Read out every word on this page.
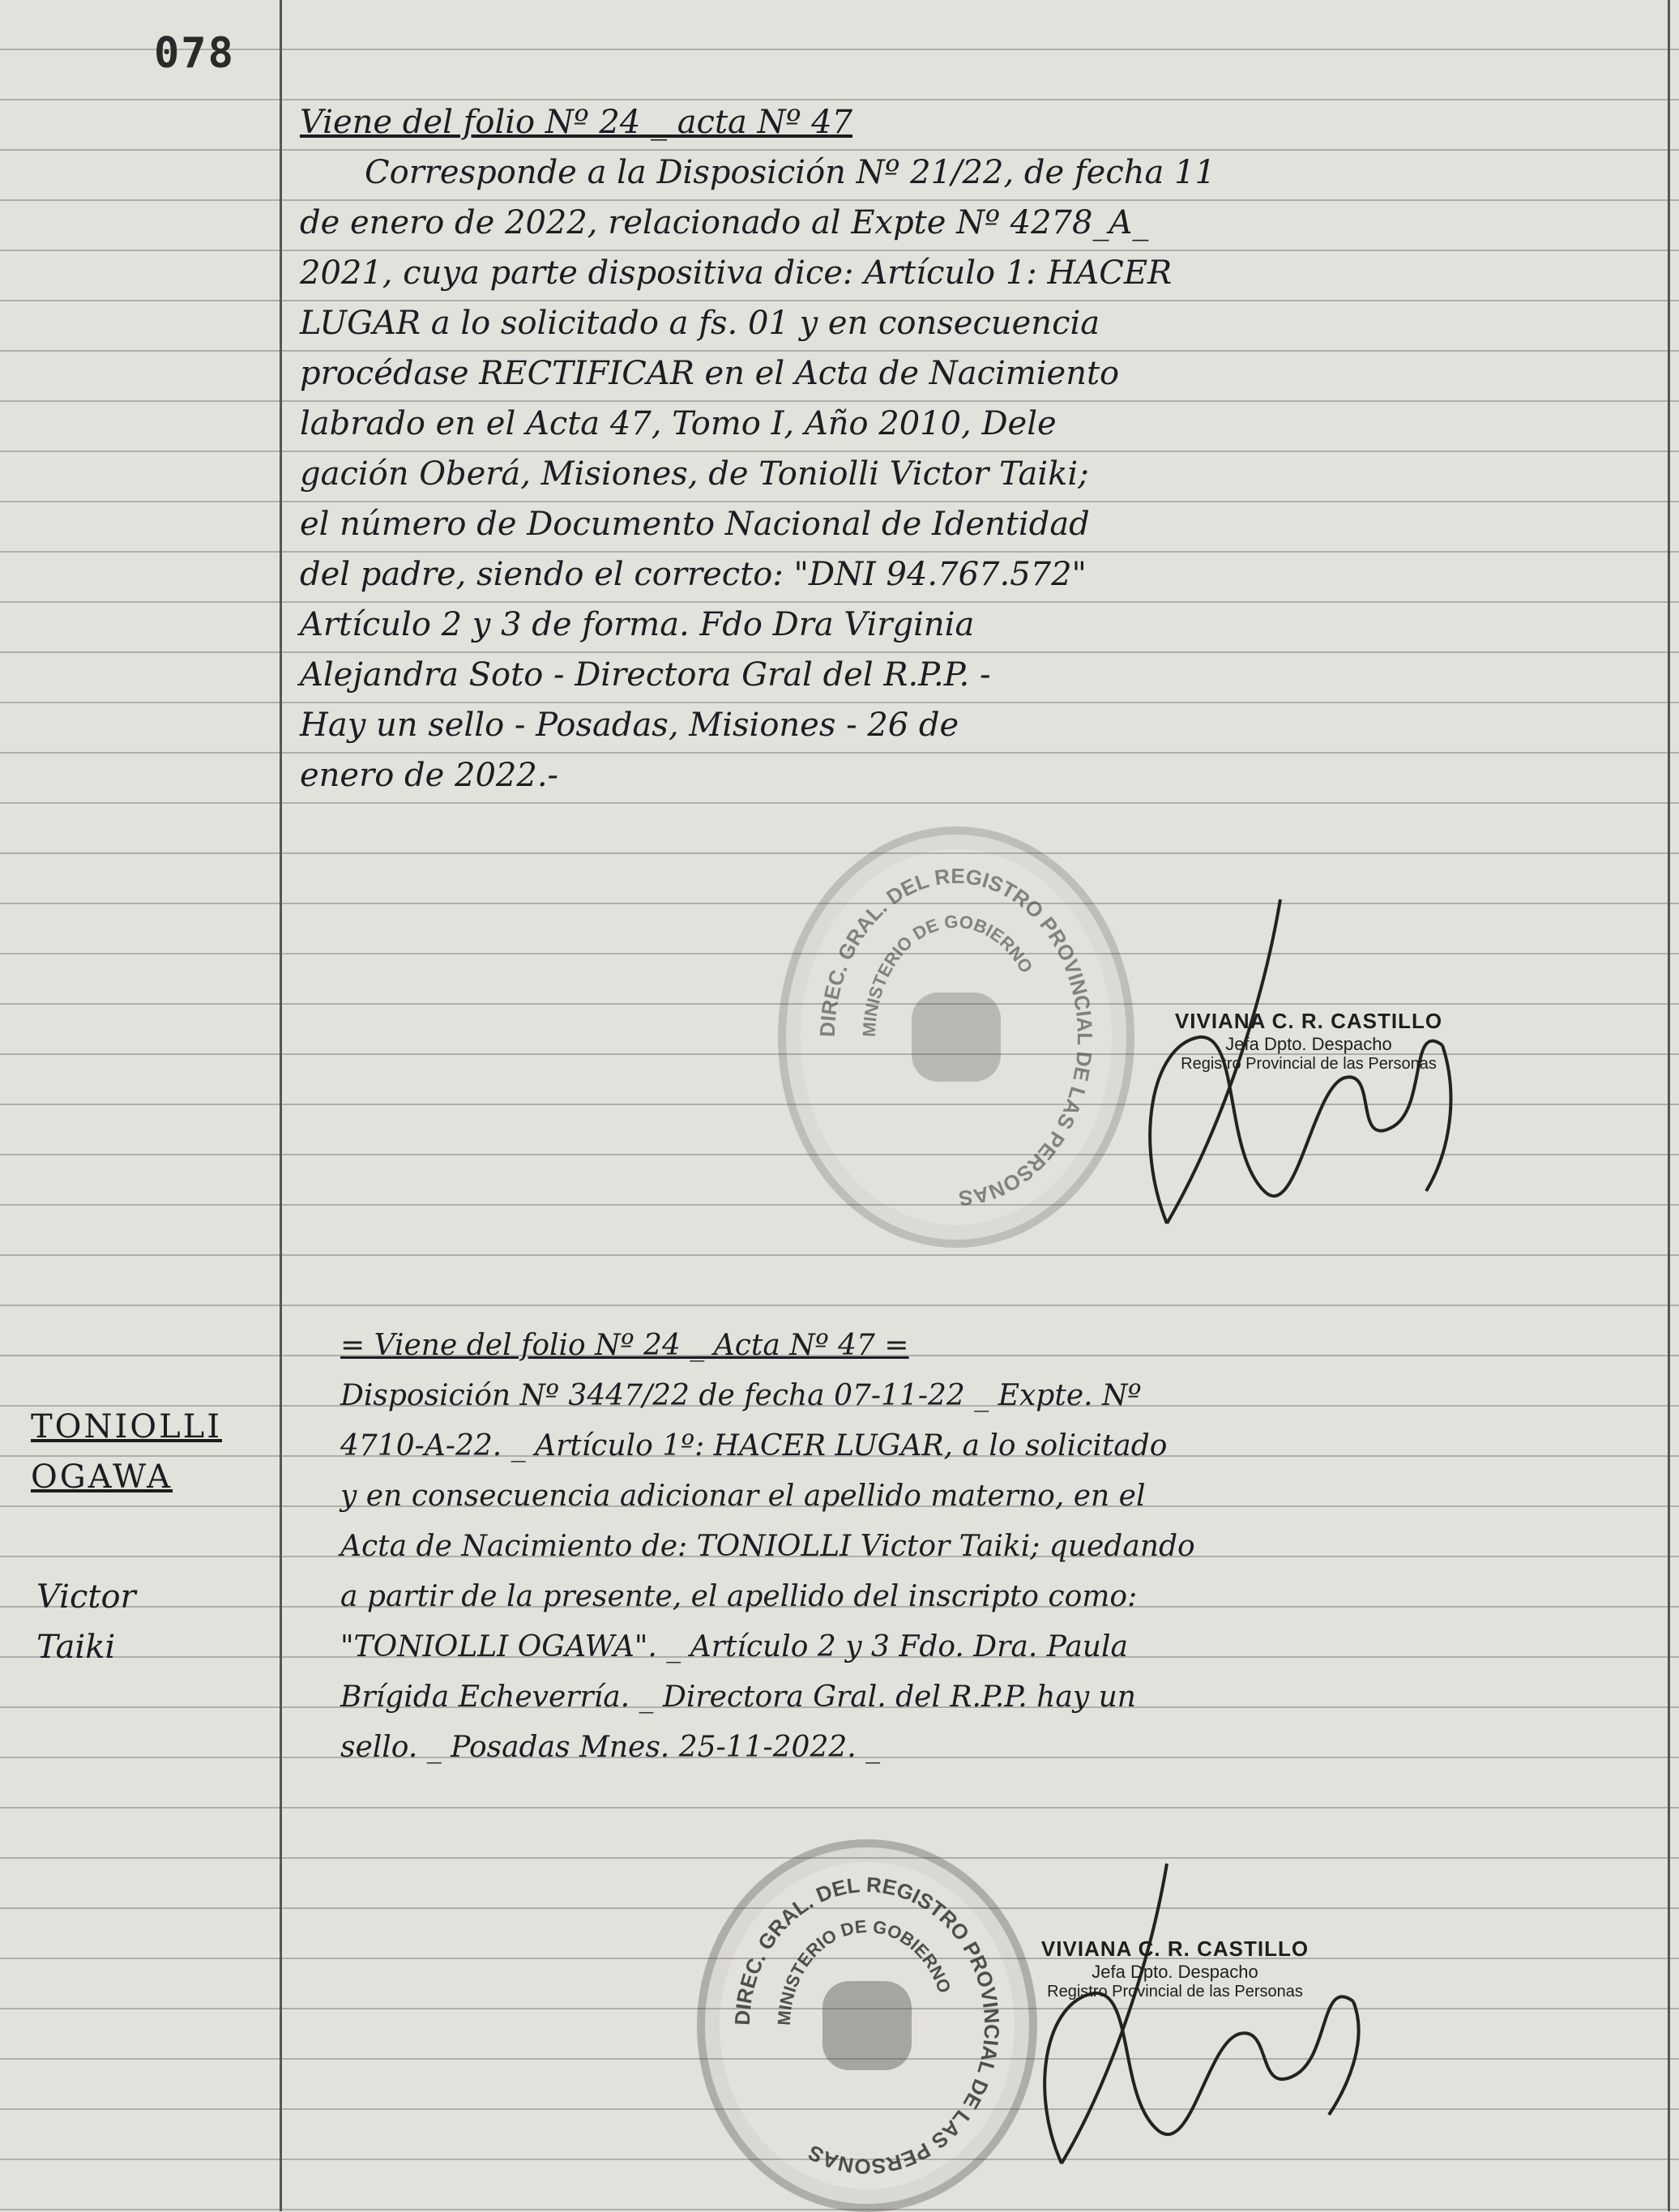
078
Viene del folio Nº 24 _ acta Nº 47
Corresponde a la Disposición Nº 21/22, de fecha 11
de enero de 2022, relacionado al Expte Nº 4278_A_
2021, cuya parte dispositiva dice: Artículo 1: HACER
LUGAR a lo solicitado a fs. 01 y en consecuencia
procédase RECTIFICAR en el Acta de Nacimiento
labrado en el Acta 47, Tomo I, Año 2010, Dele
gación Oberá, Misiones, de Toniolli Victor Taiki;
el número de Documento Nacional de Identidad
del padre, siendo el correcto: "DNI 94.767.572"
Artículo 2 y 3 de forma. Fdo Dra Virginia
Alejandra Soto - Directora Gral del R.P.P. -
Hay un sello - Posadas, Misiones - 26 de
enero de 2022.-
DIREC. GRAL. DEL REGISTRO PROVINCIAL DE LAS PERSONAS
MINISTERIO DE GOBIERNO
VIVIANA C. R. CASTILLO
Jefa Dpto. Despacho
Registro Provincial de las Personas
TONIOLLI
OGAWA
Victor
Taiki
= Viene del folio Nº 24 _ Acta Nº 47 =
Disposición Nº 3447/22 de fecha 07-11-22 _ Expte. Nº
4710-A-22. _ Artículo 1º: HACER LUGAR, a lo solicitado
y en consecuencia adicionar el apellido materno, en el
Acta de Nacimiento de: TONIOLLI Victor Taiki; quedando
a partir de la presente, el apellido del inscripto como:
"TONIOLLI OGAWA". _ Artículo 2 y 3 Fdo. Dra. Paula
Brígida Echeverría. _ Directora Gral. del R.P.P. hay un
sello. _ Posadas Mnes. 25-11-2022. _
DIREC. GRAL. DEL REGISTRO PROVINCIAL DE LAS PERSONAS
MINISTERIO DE GOBIERNO
VIVIANA C. R. CASTILLO
Jefa Dpto. Despacho
Registro Provincial de las Personas
